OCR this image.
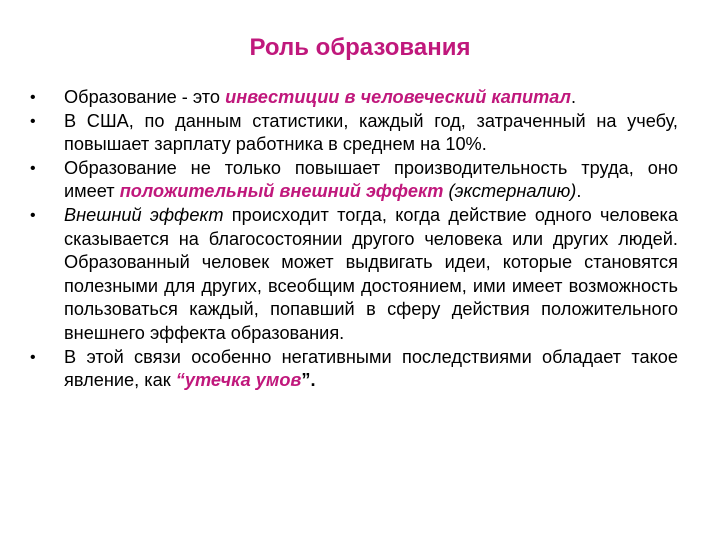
Роль образования
• Образование - это инвестиции в человеческий капитал.
• В США, по данным статистики, каждый год, затраченный на учебу, повышает зарплату работника в среднем на 10%.
• Образование не только повышает производительность труда, оно имеет положительный внешний эффект (экстерналию).
• Внешний эффект происходит тогда, когда действие одного человека сказывается на благосостоянии другого человека или других людей. Образованный человек может выдвигать идеи, которые становятся полезными для других, всеобщим достоянием, ими имеет возможность пользоваться каждый, попавший в сферу действия положительного внешнего эффекта образования.
• В этой связи особенно негативными последствиями обладает такое явление, как “утечка умов”.
